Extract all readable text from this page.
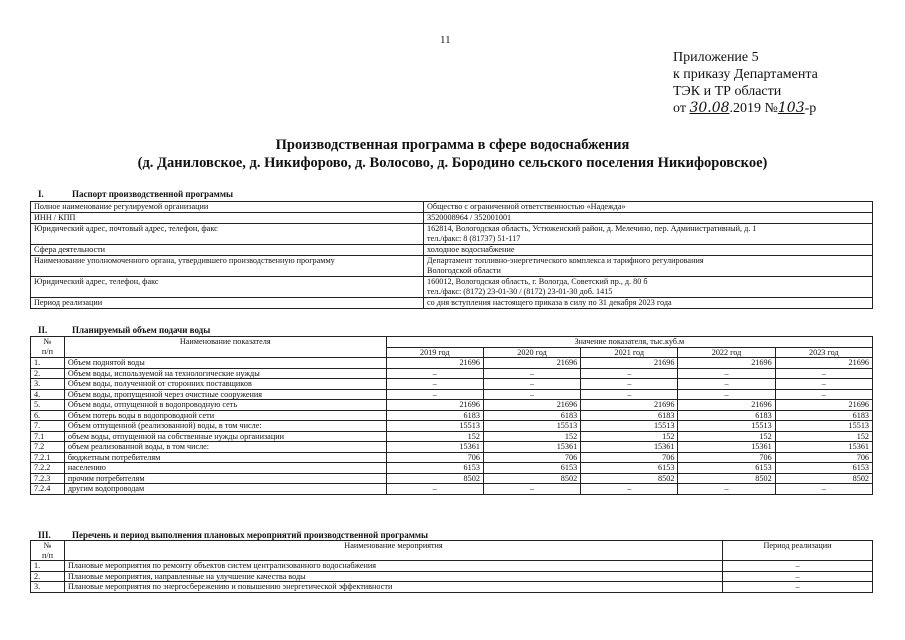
11
Приложение 5
к приказу Департамента
ТЭК и ТР области
от 30.08.2019 №103-р
Производственная программа в сфере водоснабжения
(д. Даниловское, д. Никифорово, д. Волосово, д. Бородино сельского поселения Никифоровское)
I.	Паспорт производственной программы
Полное наименование регулируемой организации	Общество с ограниченной ответственностью «Надежда»

ИНН / КПП	3520008964 / 352001001

Юридический адрес, почтовый адрес, телефон, факс	162814, Вологодская область, Устюженский район, д. Мелечино, пер. Административный, д. 1
тел./факс: 8 (81737) 51-117

Сфера деятельности	холодное водоснабжение

Наименование уполномоченного органа, утвердившего производственную программу	Департамент топливно-энергетического комплекса и тарифного регулирования
Вологодской области

Юридический адрес, телефон, факс	160012, Вологодская область, г. Вологда, Советский пр., д. 80 б
тел./факс: (8172) 23-01-30 / (8172) 23-01-30 доб. 1415

Период реализации	со дня вступления настоящего приказа в силу по 31 декабря 2023 года
II.	Планируемый объем подачи воды
№
п/п	Наименование показателя	Значение показателя, тыс.куб.м				
		2019 год	2020 год	2021 год	2022 год	2023 год
1.	Объем поднятой воды	21696	21696	21696	21696	21696
2.	Объем воды, используемой на технологические нужды	–	–	–	–	–
3.	Объем воды, полученной от сторонних поставщиков	–	–	–	–	–
4.	Объем воды, пропущенной через очистные сооружения	–	–	–	–	–
5.	Объем воды, отпущенной в водопроводную сеть	21696	21696	21696	21696	21696
6.	Объем потерь воды в водопроводной сети	6183	6183	6183	6183	6183
7.	Объем отпущенной (реализованной) воды, в том числе:	15513	15513	15513	15513	15513
7.1	объем воды, отпущенной на собственные нужды организации	152	152	152	152	152
7.2	объем реализованной воды, в том числе:	15361	15361	15361	15361	15361
7.2.1	бюджетным потребителям	706	706	706	706	706
7.2.2	населению	6153	6153	6153	6153	6153
7.2.3	прочим потребителям	8502	8502	8502	8502	8502
7.2.4	другим водопроводам	–	–	–	–	–
III. Перечень и период выполнения плановых мероприятий производственной программы
№
п/п	Наименование мероприятия	Период реализации
1.	Плановые мероприятия по ремонту объектов систем централизованного водоснабжения	–
2.	Плановые мероприятия, направленные на улучшение качества воды	–
3.	Плановые мероприятия по энергосбережению и повышению энергетической эффективности	–
